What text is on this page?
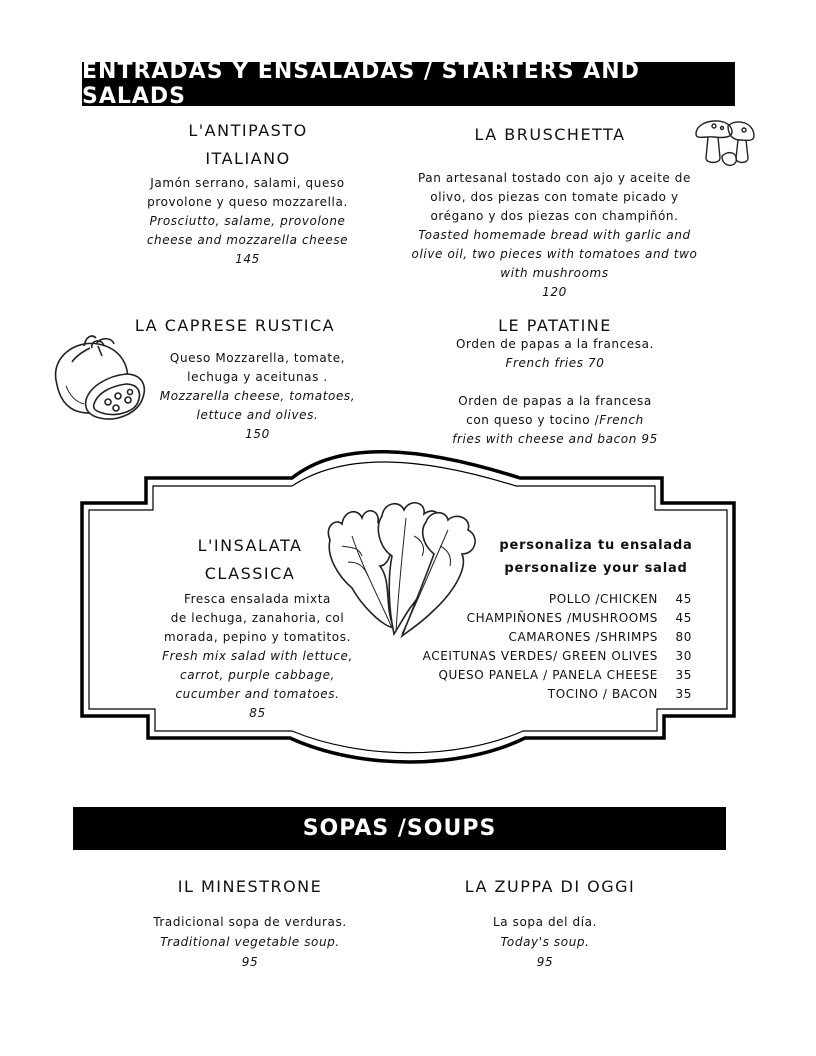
ENTRADAS Y ENSALADAS / STARTERS AND SALADS
L'ANTIPASTO
ITALIANO
Jamón serrano, salami, queso
provolone y queso mozzarella.
Prosciutto, salame, provolone
cheese and mozzarella cheese
145
LA BRUSCHETTA
Pan artesanal tostado con ajo y aceite de
olivo, dos piezas con tomate picado y
orégano y dos piezas con champiñón.
Toasted homemade bread with garlic and
olive oil, two pieces with tomatoes and two
with mushrooms
120
LA CAPRESE RUSTICA
Queso Mozzarella, tomate,
lechuga y aceitunas .
Mozzarella cheese, tomatoes,
lettuce and olives.
150
LE PATATINE
Orden de papas a la francesa.
French fries 70
Orden de papas a la francesa
con queso y tocino /French
fries with cheese and bacon 95
L'INSALATA
CLASSICA
Fresca ensalada mixta
de lechuga, zanahoria, col
morada, pepino y tomatitos.
Fresh mix salad with lettuce,
carrot, purple cabbage,
cucumber and tomatoes.
85
personaliza tu ensalada
personalize your salad
POLLO /CHICKEN	45
CHAMPIÑONES /MUSHROOMS	45
CAMARONES /SHRIMPS	80
ACEITUNAS VERDES/ GREEN OLIVES	30
QUESO PANELA / PANELA CHEESE	35
TOCINO / BACON	35
SOPAS /SOUPS
IL MINESTRONE
Tradicional sopa de verduras.
Traditional vegetable soup.
95
LA ZUPPA DI OGGI
La sopa del día.
Today's soup.
95
